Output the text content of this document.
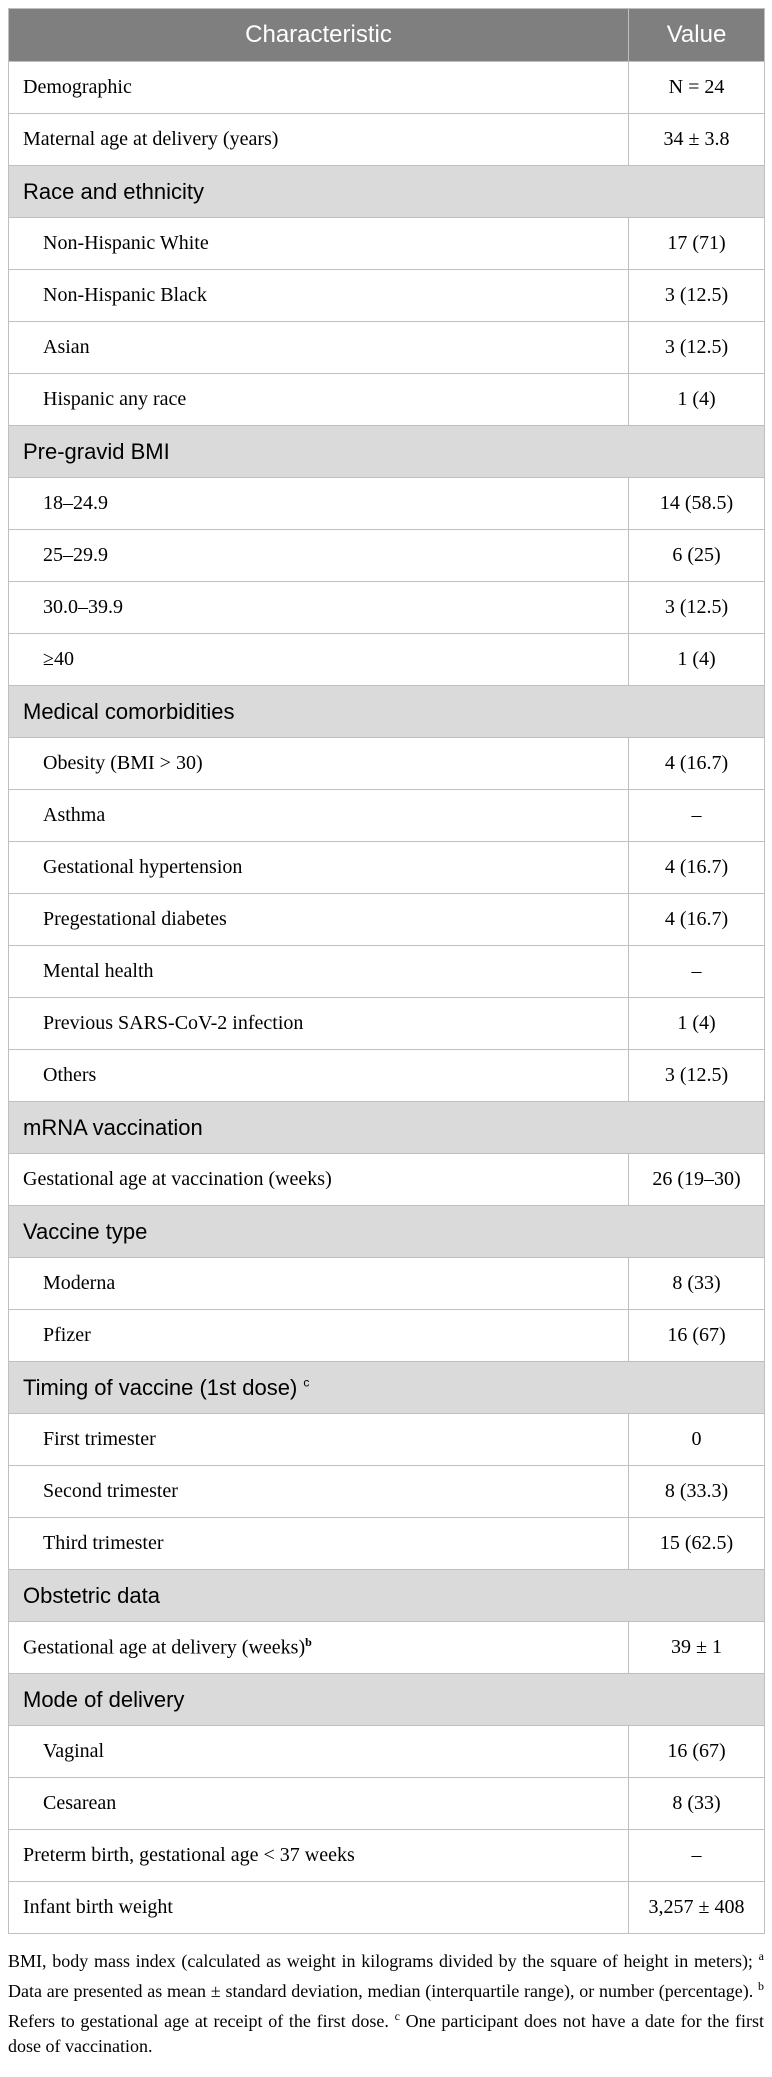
Characteristic	Value
Demographic	N = 24
Maternal age at delivery (years)	34 ± 3.8
Race and ethnicity	
Non-Hispanic White	17 (71)
Non-Hispanic Black	3 (12.5)
Asian	3 (12.5)
Hispanic any race	1 (4)
Pre-gravid BMI	
18–24.9	14 (58.5)
25–29.9	6 (25)
30.0–39.9	3 (12.5)
≥40	1 (4)
Medical comorbidities	
Obesity (BMI > 30)	4 (16.7)
Asthma	–
Gestational hypertension	4 (16.7)
Pregestational diabetes	4 (16.7)
Mental health	–
Previous SARS-CoV-2 infection	1 (4)
Others	3 (12.5)
mRNA vaccination	
Gestational age at vaccination (weeks)	26 (19–30)
Vaccine type	
Moderna	8 (33)
Pfizer	16 (67)
Timing of vaccine (1st dose) $^c$
First trimester	0
Second trimester	8 (33.3)
Third trimester	15 (62.5)
Obstetric data	
Gestational age at delivery (weeks)$^b$	39 ± 1
Mode of delivery	
Vaginal	16 (67)
Cesarean	8 (33)
Preterm birth, gestational age < 37 weeks	–
Infant birth weight	3,257 ± 408

BMI, body mass index (calculated as weight in kilograms divided by the square of height in meters); $^a$ Data are presented as mean ± standard deviation, median (interquartile range), or number (percentage). $^b$ Refers to gestational age at receipt of the first dose. $^c$ One participant does not have a date for the first dose of vaccination.
